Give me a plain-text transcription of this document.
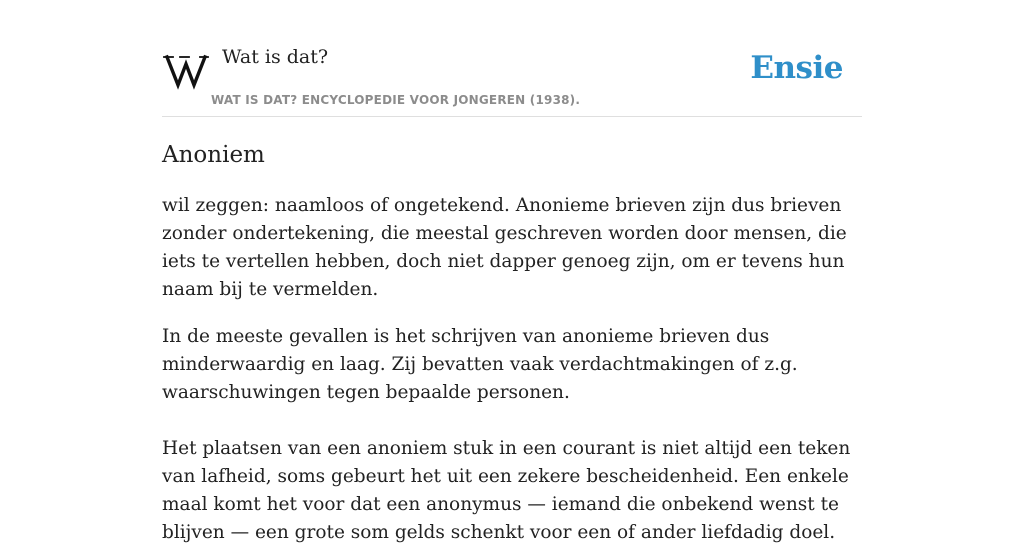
Wat is dat?
WAT IS DAT? ENCYCLOPEDIE VOOR JONGEREN (1938).
Ensie
Anoniem

wil zeggen: naamloos of ongetekend. Anonieme brieven zijn dus brieven zonder ondertekening, die meestal geschreven worden door mensen, die iets te vertellen hebben, doch niet dapper genoeg zijn, om er tevens hun naam bij te vermelden.

In de meeste gevallen is het schrijven van anonieme brieven dus minderwaardig en laag. Zij bevatten vaak verdachtmakingen of z.g. waarschuwingen tegen bepaalde personen.

Het plaatsen van een anoniem stuk in een courant is niet altijd een teken van lafheid, soms gebeurt het uit een zekere bescheidenheid. Een enkele maal komt het voor dat een anonymus — iemand die onbekend wenst te blijven — een grote som gelds schenkt voor een of ander liefdadig doel.
